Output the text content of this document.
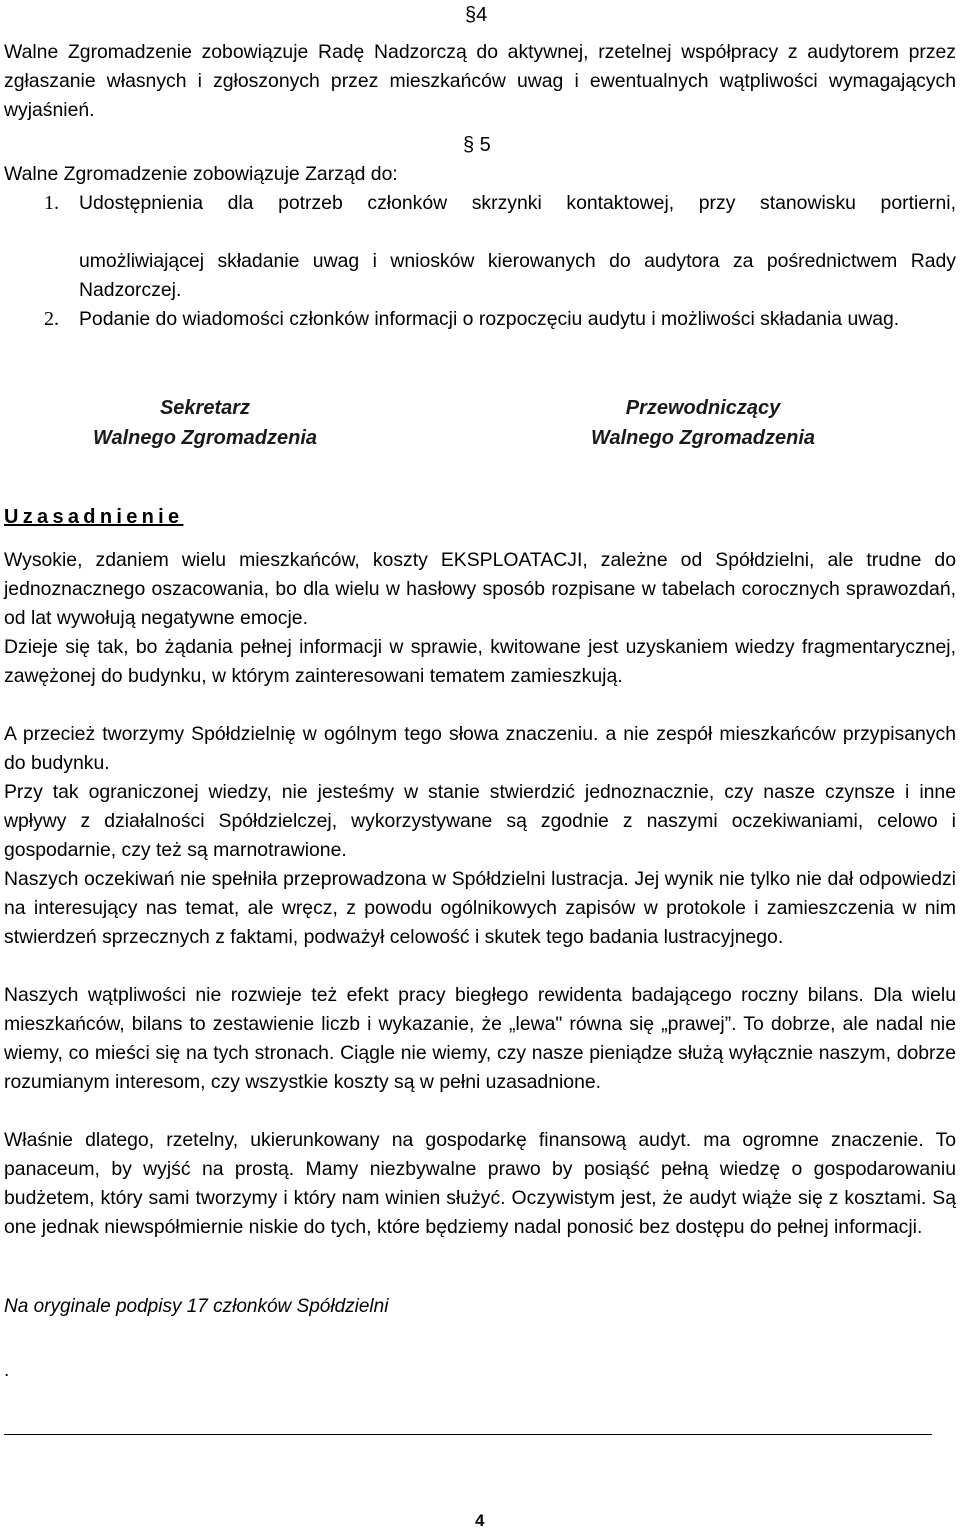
§4
Walne Zgromadzenie zobowiązuje Radę Nadzorczą do aktywnej, rzetelnej współpracy z audytorem przez zgłaszanie własnych i zgłoszonych przez mieszkańców uwag i ewentualnych wątpliwości wymagających wyjaśnień.
§ 5
Walne Zgromadzenie zobowiązuje Zarząd do:
1. Udostępnienia dla potrzeb członków skrzynki kontaktowej, przy stanowisku portierni,
umożliwiającej składanie uwag i wniosków kierowanych do audytora za pośrednictwem Rady Nadzorczej.
2. Podanie do wiadomości członków informacji o rozpoczęciu audytu i możliwości składania uwag.
Sekretarz
Walnego Zgromadzenia
Przewodniczący
Walnego Zgromadzenia
Uzasadnienie
Wysokie, zdaniem wielu mieszkańców, koszty EKSPLOATACJI, zależne od Spółdzielni, ale trudne do jednoznacznego oszacowania, bo dla wielu w hasłowy sposób rozpisane w tabelach corocznych sprawozdań, od lat wywołują negatywne emocje.
Dzieje się tak, bo żądania pełnej informacji w sprawie, kwitowane jest uzyskaniem wiedzy fragmentarycznej, zawężonej do budynku, w którym zainteresowani tematem zamieszkują.
A przecież tworzymy Spółdzielnię w ogólnym tego słowa znaczeniu. a nie zespół mieszkańców przypisanych do budynku.
Przy tak ograniczonej wiedzy, nie jesteśmy w stanie stwierdzić jednoznacznie, czy nasze czynsze i inne wpływy z działalności Spółdzielczej, wykorzystywane są zgodnie z naszymi oczekiwaniami, celowo i gospodarnie, czy też są marnotrawione.
Naszych oczekiwań nie spełniła przeprowadzona w Spółdzielni lustracja. Jej wynik nie tylko nie dał odpowiedzi na interesujący nas temat, ale wręcz, z powodu ogólnikowych zapisów w protokole i zamieszczenia w nim stwierdzeń sprzecznych z faktami, podważył celowość i skutek tego badania lustracyjnego.
Naszych wątpliwości nie rozwieje też efekt pracy biegłego rewidenta badającego roczny bilans. Dla wielu mieszkańców, bilans to zestawienie liczb i wykazanie, że „lewa" równa się „prawej”. To dobrze, ale nadal nie wiemy, co mieści się na tych stronach. Ciągle nie wiemy, czy nasze pieniądze służą wyłącznie naszym, dobrze rozumianym interesom, czy wszystkie koszty są w pełni uzasadnione.
Właśnie dlatego, rzetelny, ukierunkowany na gospodarkę finansową audyt. ma ogromne znaczenie. To panaceum, by wyjść na prostą. Mamy niezbywalne prawo by posiąść pełną wiedzę o gospodarowaniu budżetem, który sami tworzymy i który nam winien służyć. Oczywistym jest, że audyt wiąże się z kosztami. Są one jednak niewspółmiernie niskie do tych, które będziemy nadal ponosić bez dostępu do pełnej informacji.
Na oryginale podpisy 17 członków Spółdzielni
.
4
